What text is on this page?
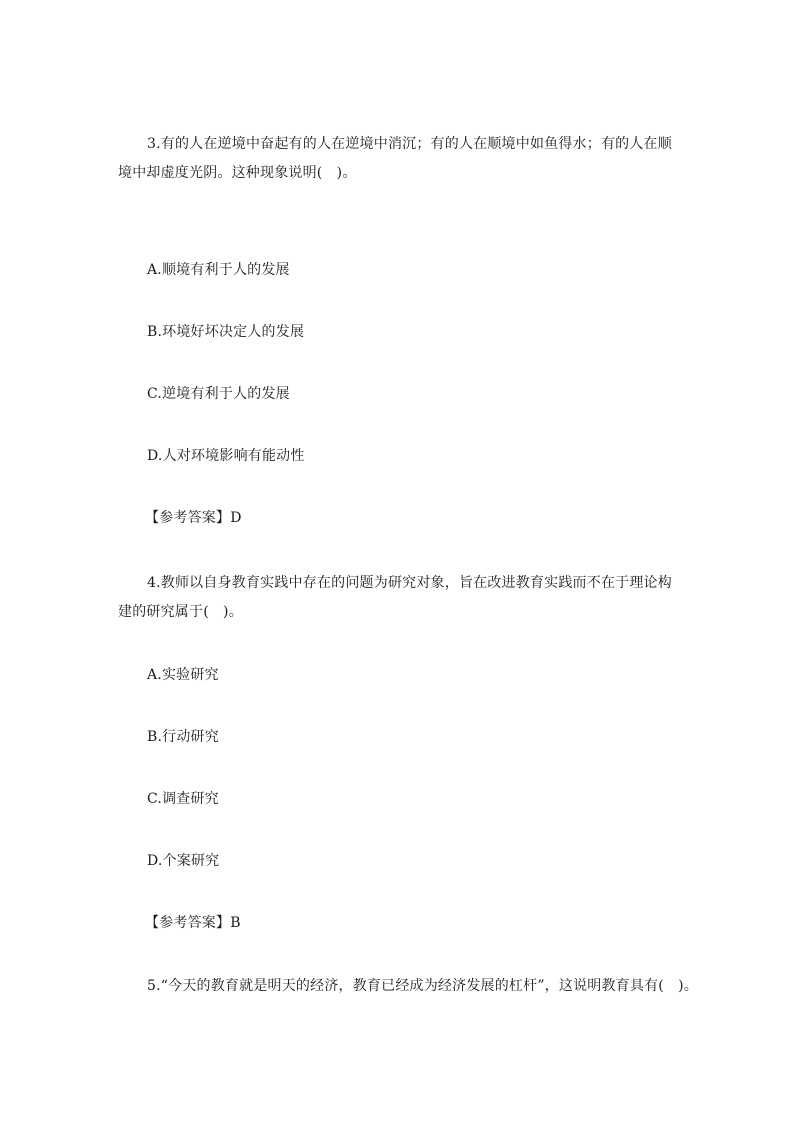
3.有的人在逆境中奋起有的人在逆境中消沉；有的人在顺境中如鱼得水；有的人在顺
境中却虚度光阴。这种现象说明(　)。
A.顺境有利于人的发展
B.环境好坏决定人的发展
C.逆境有利于人的发展
D.人对环境影响有能动性
【参考答案】D
4.教师以自身教育实践中存在的问题为研究对象，旨在改进教育实践而不在于理论构
建的研究属于(　)。
A.实验研究
B.行动研究
C.调查研究
D.个案研究
【参考答案】B
5.“今天的教育就是明天的经济，教育已经成为经济发展的杠杆”，这说明教育具有(　)。
